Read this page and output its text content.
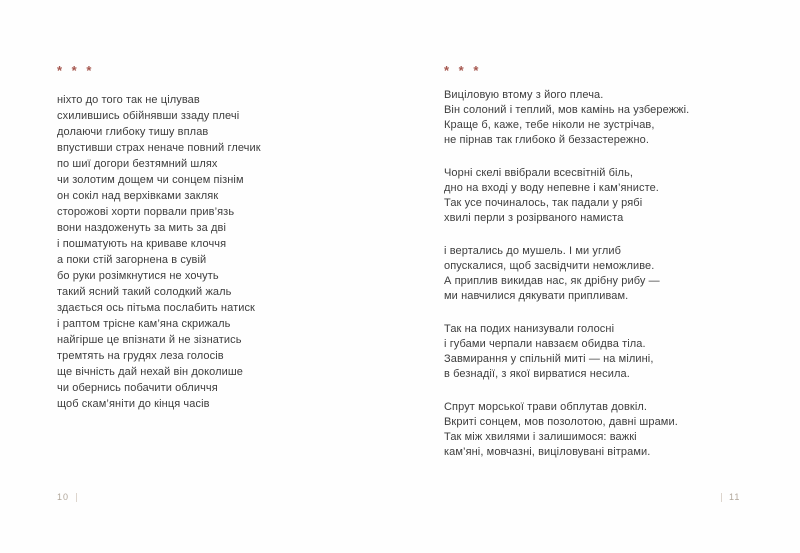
* * *
ніхто до того так не цілував
схилившись обійнявши ззаду плечі
долаючи глибоку тишу вплав
впустивши страх неначе повний глечик
по шиї догори безтямний шлях
чи золотим дощем чи сонцем пізнім
он сокіл над верхівками закляк
сторожові хорти порвали прив’язь
вони наздоженуть за мить за дві
і пошматують на криваве клоччя
а поки стій загорнена в сувій
бо руки розімкнутися не хочуть
такий ясний такий солодкий жаль
здається ось пітьма послабить натиск
і раптом трісне кам’яна скрижаль
найгірше це впізнати й не зізнатись
тремтять на грудях леза голосів
ще вічність дай нехай він доколише
чи обернись побачити обличчя
щоб скам’яніти до кінця часів
10
* * *
Виціловую втому з його плеча.
Він солоний і теплий, мов камінь на узбережжі.
Краще б, каже, тебе ніколи не зустрічав,
не пірнав так глибоко й беззастережно.
Чорні скелі ввібрали всесвітній біль,
дно на вході у воду непевне і кам’янисте.
Так усе починалось, так падали у рябі
хвилі перли з розірваного намиста
і вертались до мушель. І ми углиб
опускалися, щоб засвідчити неможливе.
А приплив викидав нас, як дрібну рибу —
ми навчилися дякувати припливам.
Так на подих нанизували голосні
і губами черпали навзаєм обидва тіла.
Завмирання у спільній миті — на мілині,
в безнадії, з якої вирватися несила.
Спрут морської трави обплутав довкіл.
Вкриті сонцем, мов позолотою, давні шрами.
Так між хвилями і залишимося: важкі
кам’яні, мовчазні, виціловувані вітрами.
11
